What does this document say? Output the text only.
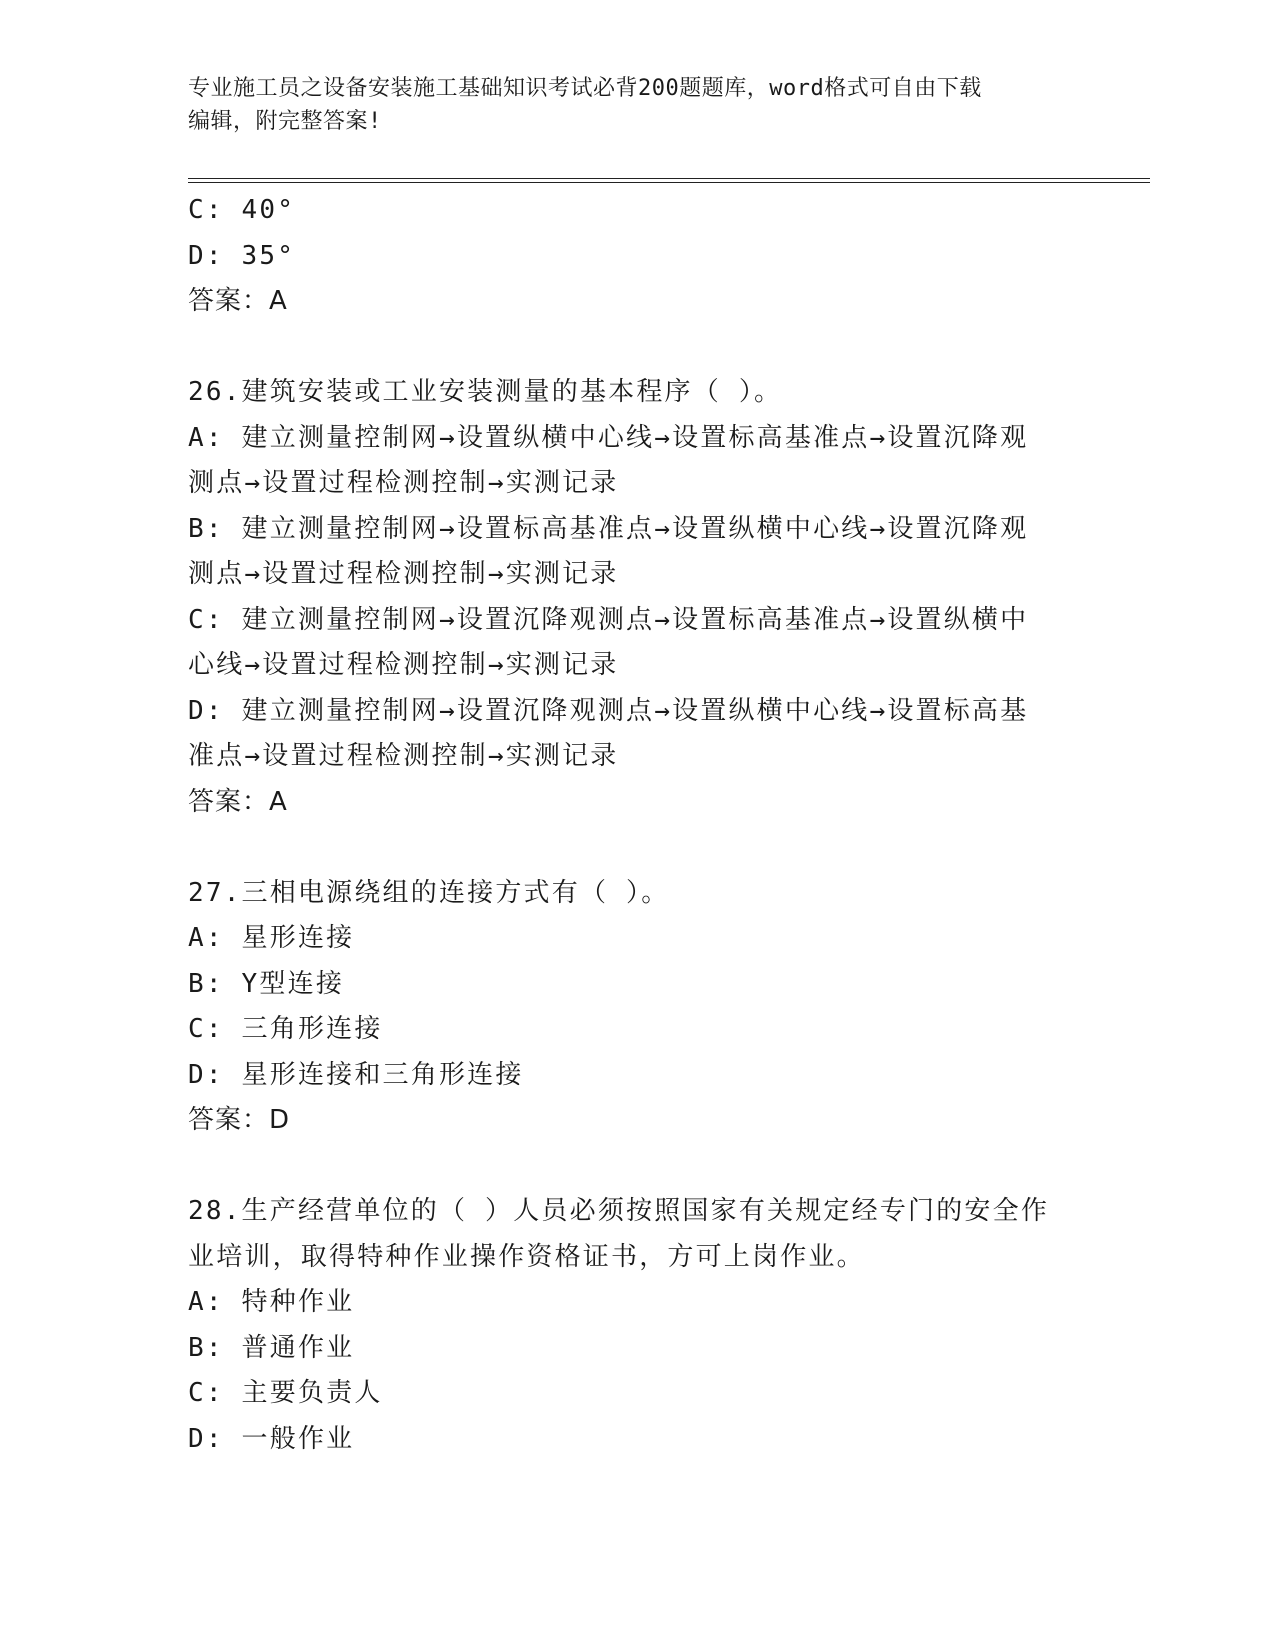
专业施工员之设备安装施工基础知识考试必背200题题库，word格式可自由下载
编辑，附完整答案!
C: 40°
D: 35°
答案：A
26.建筑安装或工业安装测量的基本程序（ ）。
A: 建立测量控制网→设置纵横中心线→设置标高基准点→设置沉降观
测点→设置过程检测控制→实测记录
B: 建立测量控制网→设置标高基准点→设置纵横中心线→设置沉降观
测点→设置过程检测控制→实测记录
C: 建立测量控制网→设置沉降观测点→设置标高基准点→设置纵横中
心线→设置过程检测控制→实测记录
D: 建立测量控制网→设置沉降观测点→设置纵横中心线→设置标高基
准点→设置过程检测控制→实测记录
答案：A
27.三相电源绕组的连接方式有（ ）。
A: 星形连接
B: Y型连接
C: 三角形连接
D: 星形连接和三角形连接
答案：D
28.生产经营单位的（ ）人员必须按照国家有关规定经专门的安全作
业培训，取得特种作业操作资格证书，方可上岗作业。
A: 特种作业
B: 普通作业
C: 主要负责人
D: 一般作业
